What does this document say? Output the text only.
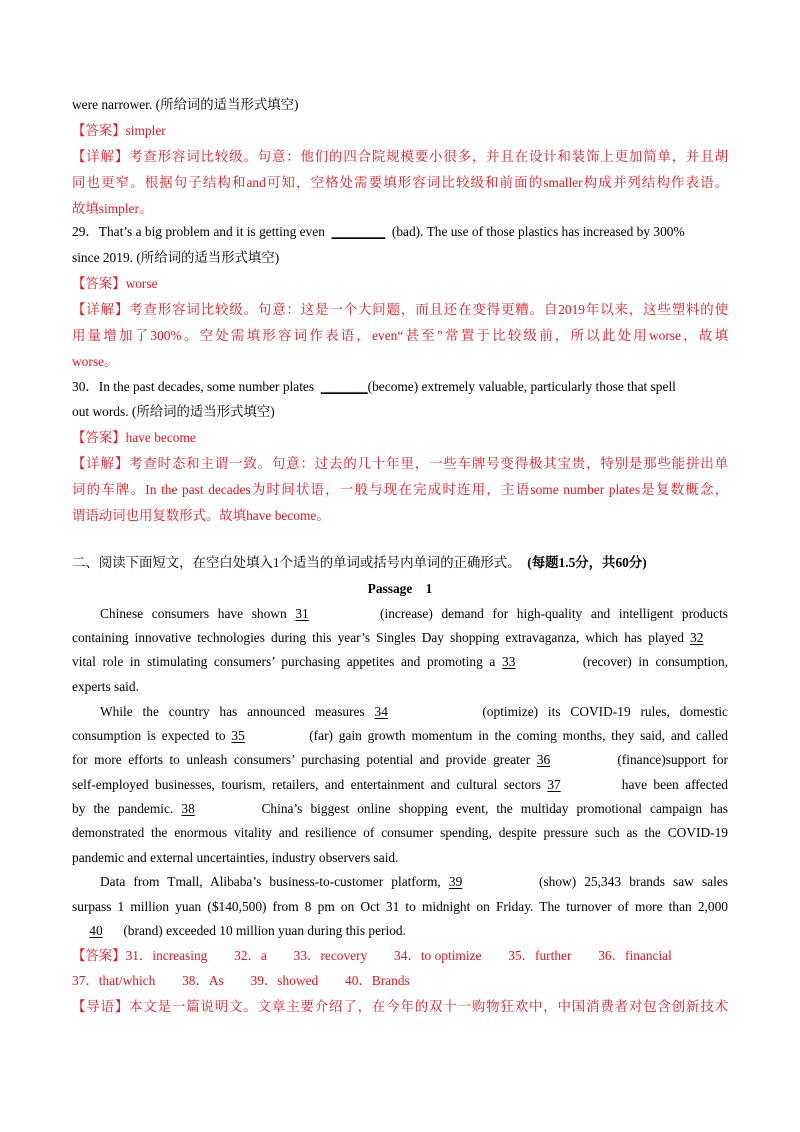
were narrower. (所给词的适当形式填空)
【答案】simpler
【详解】考查形容词比较级。句意：他们的四合院规模要小很多，并且在设计和装饰上更加简单，并且胡
同也更窄。根据句子结构和and可知，空格处需要填形容词比较级和前面的smaller构成并列结构作表语。
故填simpler。
29．That’s a big problem and it is getting even ________ (bad). The use of those plastics has increased by 300%
since 2019. (所给词的适当形式填空)
【答案】worse
【详解】考查形容词比较级。句意：这是一个大问题，而且还在变得更糟。自2019年以来，这些塑料的使
用量增加了300%。空处需填形容词作表语，even“甚至”常置于比较级前，所以此处用worse，故填
worse。
30．In the past decades, some number plates _______(become) extremely valuable, particularly those that spell
out words. (所给词的适当形式填空)
【答案】have become
【详解】考查时态和主谓一致。句意：过去的几十年里，一些车牌号变得极其宝贵，特别是那些能拼出单
词的车牌。In the past decades为时间状语，一般与现在完成时连用，主语some number plates是复数概念，
谓语动词也用复数形式。故填have become。
二、阅读下面短文，在空白处填入1个适当的单词或括号内单词的正确形式。 (每题1.5分，共60分)
Passage　1
Chinese consumers have shown 31	(increase) demand for high-quality and intelligent products
containing innovative technologies during this year’s Singles Day shopping extravaganza, which has played 32
vital role in stimulating consumers’ purchasing appetites and promoting a 33	(recover) in consumption,
experts said.
While the country has announced measures 34	(optimize) its COVID-19 rules, domestic
consumption is expected to 35	(far) gain growth momentum in the coming months, they said, and called
for more efforts to unleash consumers’ purchasing potential and provide greater 36	(finance)support for
self-employed businesses, tourism, retailers, and entertainment and cultural sectors 37	have been affected
by the pandemic. 38	China’s biggest online shopping event, the multiday promotional campaign has
demonstrated the enormous vitality and resilience of consumer spending, despite pressure such as the COVID-19
pandemic and external uncertainties, industry observers said.
Data from Tmall, Alibaba’s business-to-customer platform, 39	(show) 25,343 brands saw sales
surpass 1 million yuan ($140,500) from 8 pm on Oct 31 to midnight on Friday. The turnover of more than 2,000
40 (brand) exceeded 10 million yuan during this period.
【答案】31．increasing　　32．a　　33．recovery　　34．to optimize　　35．further　　36．financial
37．that/which　　38．As　　39．showed　　40．Brands
【导语】本文是一篇说明文。文章主要介绍了，在今年的双十一购物狂欢中，中国消费者对包含创新技术
